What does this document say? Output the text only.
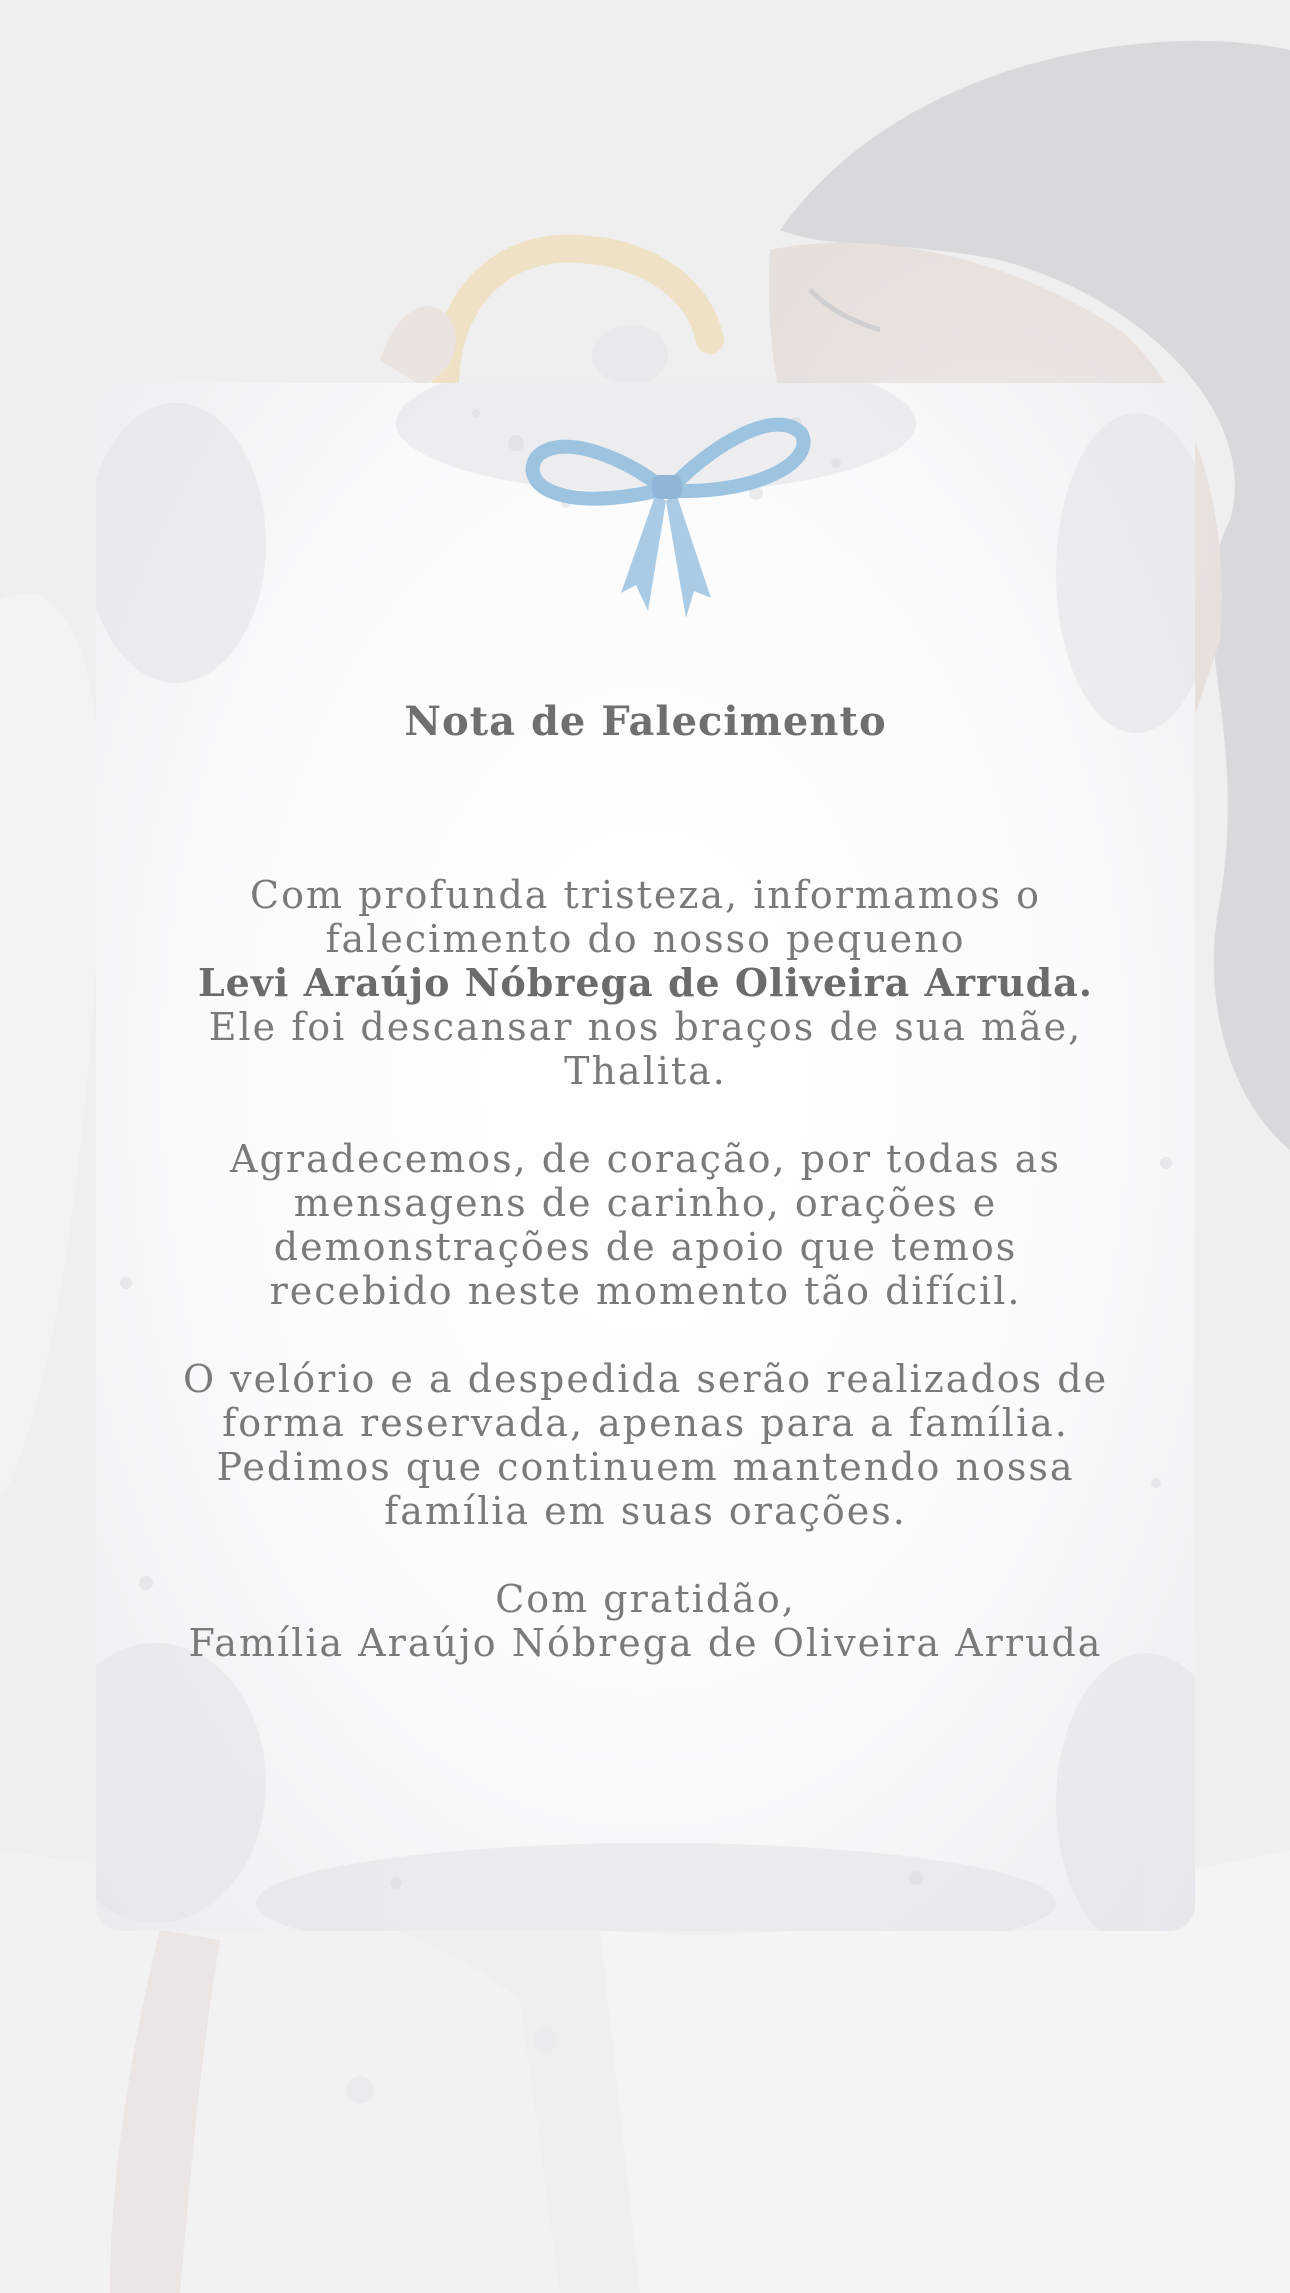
Nota de Falecimento

Com profunda tristeza, informamos o
falecimento do nosso pequeno
Levi Araújo Nóbrega de Oliveira Arruda.
Ele foi descansar nos braços de sua mãe,
Thalita.

Agradecemos, de coração, por todas as
mensagens de carinho, orações e
demonstrações de apoio que temos
recebido neste momento tão difícil.

O velório e a despedida serão realizados de
forma reservada, apenas para a família.
Pedimos que continuem mantendo nossa
família em suas orações.

Com gratidão,
Família Araújo Nóbrega de Oliveira Arruda
